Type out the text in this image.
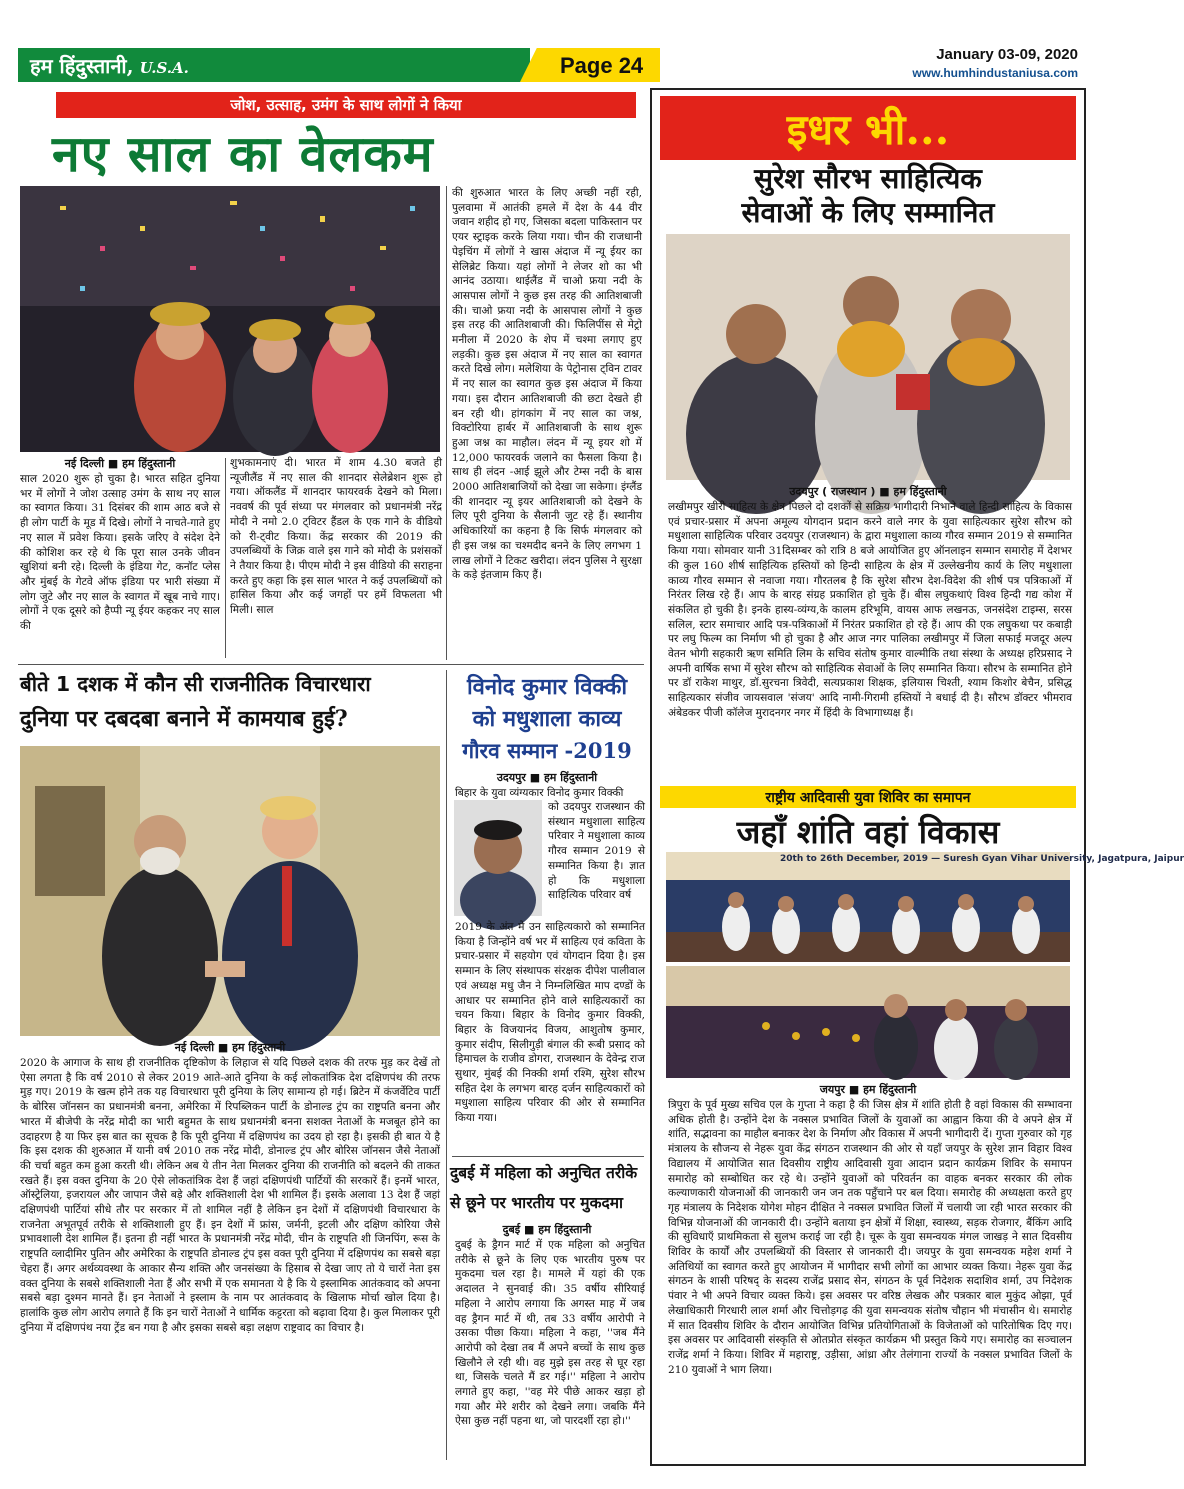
हम हिंदुस्तानी, U.S.A.	Page 24	January 03-09, 2020
www.humhindustaniusa.com
जोश, उत्साह, उमंग के साथ लोगों ने किया
नए साल का वेलकम
नई दिल्ली ■ हम हिंदुस्तानी
साल 2020 शुरू हो चुका है। भारत सहित दुनिया भर में लोगों ने जोश उत्साह उमंग के साथ नए साल का स्वागत किया। 31 दिसंबर की शाम आठ बजे से ही लोग पार्टी के मूड में दिखे। लोगों ने नाचते-गाते हुए नए साल में प्रवेश किया। इसके जरिए वे संदेश देने की कोशिश कर रहे थे कि पूरा साल उनके जीवन खुशियां बनी रहे। दिल्ली के इंडिया गेट, कनॉट प्लेस और मुंबई के गेटवे ऑफ इंडिया पर भारी संख्या में लोग जुटे और नए साल के स्वागत में खूब नाचे गाए। लोगों ने एक दूसरे को हैप्पी न्यू ईयर कहकर नए साल की
शुभकामनाएं दी। भारत में शाम 4.30 बजते ही न्यूजीलैंड में नए साल की शानदार सेलेब्रेशन शुरू हो गया। ऑकलैंड में शानदार फायरवर्क देखने को मिला। नववर्ष की पूर्व संध्या पर मंगलवार को प्रधानमंत्री नरेंद्र मोदी ने नमो 2.0 ट्विटर हैंडल के एक गाने के वीडियो को री-ट्वीट किया। केंद्र सरकार की 2019 की उपलब्धियों के जिक्र वाले इस गाने को मोदी के प्रशंसकों ने तैयार किया है। पीएम मोदी ने इस वीडियो की सराहना करते हुए कहा कि इस साल भारत ने कई उपलब्धियों को हासिल किया और कई जगहों पर हमें विफलता भी मिली। साल
की शुरुआत भारत के लिए अच्छी नहीं रही, पुलवामा में आतंकी हमले में देश के 44 वीर जवान शहीद हो गए, जिसका बदला पाकिस्तान पर एयर स्ट्राइक करके लिया गया। चीन की राजधानी पेइचिंग में लोगों ने खास अंदाज में न्यू ईयर का सेलिब्रेट किया। यहां लोगों ने लेजर शो का भी आनंद उठाया। थाईलैंड में चाओ फ्रया नदी के आसपास लोगों ने कुछ इस तरह की आतिशबाजी की। चाओ फ्रया नदी के आसपास लोगों ने कुछ इस तरह की आतिशबाजी की। फिलिपींस से मेट्रो मनीला में 2020 के शेप में चश्मा लगाए हुए लड़की। कुछ इस अंदाज में नए साल का स्वागत करते दिखे लोग। मलेशिया के पेट्रोनास ट्विन टावर में नए साल का स्वागत कुछ इस अंदाज में किया गया। इस दौरान आतिशबाजी की छटा देखते ही बन रही थी। हांगकांग में नए साल का जश्न, विक्टोरिया हार्बर में आतिशबाजी के साथ शुरू हुआ जश्न का माहौल। लंदन में न्यू इयर शो में 12,000 फायरवर्क जलाने का फैसला किया है। साथ ही लंदन -आई झूले और टेम्स नदी के बास 2000 आतिशबाजियों को देखा जा सकेगा। इंग्लैंड की शानदार न्यू इयर आतिशबाजी को देखने के लिए पूरी दुनिया के सैलानी जुट रहे हैं। स्थानीय अधिकारियों का कहना है कि सिर्फ मंगलवार को ही इस जश्न का चश्मदीद बनने के लिए लगभग 1 लाख लोगों ने टिकट खरीदा। लंदन पुलिस ने सुरक्षा के कड़े इंतजाम किए हैं।
बीते 1 दशक में कौन सी राजनीतिक विचारधारा
दुनिया पर दबदबा बनाने में कामयाब हुई?
नई दिल्ली ■ हम हिंदुस्तानी
2020 के आगाज के साथ ही राजनीतिक दृष्टिकोण के लिहाज से यदि पिछले दशक की तरफ मुड़ कर देखें तो ऐसा लगता है कि वर्ष 2010 से लेकर 2019 आते-आते दुनिया के कई लोकतांत्रिक देश दक्षिणपंथ की तरफ मुड़ गए। 2019 के खत्म होने तक यह विचारधारा पूरी दुनिया के लिए सामान्य हो गई। ब्रिटेन में कंजर्वेटिव पार्टी के बोरिस जॉनसन का प्रधानमंत्री बनना, अमेरिका में रिपब्लिकन पार्टी के डोनाल्ड ट्रंप का राष्ट्रपति बनना और भारत में बीजेपी के नरेंद्र मोदी का भारी बहुमत के साथ प्रधानमंत्री बनना सशक्त नेताओं के मजबूत होने का उदाहरण है या फिर इस बात का सूचक है कि पूरी दुनिया में दक्षिणपंथ का उदय हो रहा है। इसकी ही बात ये है कि इस दशक की शुरुआत में यानी वर्ष 2010 तक नरेंद्र मोदी, डोनाल्ड ट्रंप और बोरिस जॉनसन जैसे नेताओं की चर्चा बहुत कम हुआ करती थी। लेकिन अब ये तीन नेता मिलकर दुनिया की राजनीति को बदलने की ताकत रखते हैं। इस वक्त दुनिया के 20 ऐसे लोकतांत्रिक देश हैं जहां दक्षिणपंथी पार्टियों की सरकारें हैं। इनमें भारत, ऑस्ट्रेलिया, इजरायल और जापान जैसे बड़े और शक्तिशाली देश भी शामिल हैं। इसके अलावा 13 देश हैं जहां दक्षिणपंथी पार्टियां सीधे तौर पर सरकार में तो शामिल नहीं है लेकिन इन देशों में दक्षिणपंथी विचारधारा के राजनेता अभूतपूर्व तरीके से शक्तिशाली हुए हैं। इन देशों में फ्रांस, जर्मनी, इटली और दक्षिण कोरिया जैसे प्रभावशाली देश शामिल हैं। इतना ही नहीं भारत के प्रधानमंत्री नरेंद्र मोदी, चीन के राष्ट्रपति शी जिनपिंग, रूस के राष्ट्रपति व्लादीमिर पुतिन और अमेरिका के राष्ट्रपति डोनाल्ड ट्रंप इस वक्त पूरी दुनिया में दक्षिणपंथ का सबसे बड़ा चेहरा हैं। अगर अर्थव्यवस्था के आकार सैन्य शक्ति और जनसंख्या के हिसाब से देखा जाए तो ये चारों नेता इस वक्त दुनिया के सबसे शक्तिशाली नेता हैं और सभी में एक समानता ये है कि ये इस्लामिक आतंकवाद को अपना सबसे बड़ा दुश्मन मानते हैं। इन नेताओं ने इस्लाम के नाम पर आतंकवाद के खिलाफ मोर्चा खोल दिया है। हालांकि कुछ लोग आरोप लगाते हैं कि इन चारों नेताओं ने धार्मिक कट्टरता को बढ़ावा दिया है। कुल मिलाकर पूरी दुनिया में दक्षिणपंथ नया ट्रेंड बन गया है और इसका सबसे बड़ा लक्षण राष्ट्रवाद का विचार है।
विनोद कुमार विक्की
को मधुशाला काव्य
गौरव सम्मान -2019
उदयपुर ■ हम हिंदुस्तानी
बिहार के युवा व्यंग्यकार विनोद कुमार विक्की
को उदयपुर राजस्थान की संस्थान मधुशाला साहित्य परिवार ने मधुशाला काव्य गौरव सम्मान 2019 से सम्मानित किया है। ज्ञात हो कि मधुशाला साहित्यिक परिवार वर्ष
2019 के अंत मे उन साहित्यकारो को सम्मानित किया है जिन्होंने वर्ष भर में साहित्य एवं कविता के प्रचार-प्रसार में सहयोग एवं योगदान दिया है। इस सम्मान के लिए संस्थापक संरक्षक दीपेश पालीवाल एवं अध्यक्ष मधु जैन ने निम्नलिखित माप दण्डों के आधार पर सम्मानित होने वाले साहित्यकारों का चयन किया। बिहार के विनोद कुमार विक्की, बिहार के विजयानंद विजय, आशुतोष कुमार, कुमार संदीप, सिलीगुड़ी बंगाल की रूबी प्रसाद को हिमाचल के राजीव डोगरा, राजस्थान के देवेन्द्र राज सुथार, मुंबई की निक्की शर्मा रश्मि, सुरेश सौरभ सहित देश के लगभग बारह दर्जन साहित्यकारों को मधुशाला साहित्य परिवार की ओर से सम्मानित किया गया।
दुबई में महिला को अनुचित तरीके
से छूने पर भारतीय पर मुकदमा
दुबई ■ हम हिंदुस्तानी
दुबई के ड्रैगन मार्ट में एक महिला को अनुचित तरीके से छूने के लिए एक भारतीय पुरुष पर मुकदमा चल रहा है। मामले में यहां की एक अदालत ने सुनवाई की। 35 वर्षीय सीरियाई महिला ने आरोप लगाया कि अगस्त माह में जब वह ड्रैगन मार्ट में थी, तब 33 वर्षीय आरोपी ने उसका पीछा किया। महिला ने कहा, ''जब मैंने आरोपी को देखा तब मैं अपने बच्चों के साथ कुछ खिलौने ले रही थी। वह मुझे इस तरह से घूर रहा था, जिसके चलते मैं डर गई।'' महिला ने आरोप लगाते हुए कहा, ''वह मेरे पीछे आकर खड़ा हो गया और मेरे शरीर को देखने लगा। जबकि मैंने ऐसा कुछ नहीं पहना था, जो पारदर्शी रहा हो।''
इधर भी...
सुरेश सौरभ साहित्यिक
सेवाओं के लिए सम्मानित
उदयपुर ( राजस्थान ) ■ हम हिंदुस्तानी
लखीमपुर खीरी साहित्य के क्षेत्र पिछले दो दशकों से सक्रिय भागीदारी निभाने वाले हिन्दी साहित्य के विकास एवं प्रचार-प्रसार में अपना अमूल्य योगदान प्रदान करने वाले नगर के युवा साहित्यकार सुरेश सौरभ को मधुशाला साहित्यिक परिवार उदयपुर (राजस्थान) के द्वारा मधुशाला काव्य गौरव सम्मान 2019 से सम्मानित किया गया। सोमवार यानी 31दिसम्बर को रात्रि 8 बजे आयोजित हुए ऑनलाइन सम्मान समारोह में देशभर की कुल 160 शीर्ष साहित्यिक हस्तियों को हिन्दी साहित्य के क्षेत्र में उल्लेखनीय कार्य के लिए मधुशाला काव्य गौरव सम्मान से नवाजा गया। गौरतलब है कि सुरेश सौरभ देश-विदेश की शीर्ष पत्र पत्रिकाओं में निरंतर लिख रहे हैं। आप के बारह संग्रह प्रकाशित हो चुके हैं। बीस लघुकथाएं विश्व हिन्दी गद्य कोश में संकलित हो चुकी है। इनके हास्य-व्यंग्य,के कालम हरिभूमि, वायस आफ लखनऊ, जनसंदेश टाइम्स, सरस सलिल, स्टार समाचार आदि पत्र-पत्रिकाओं में निरंतर प्रकाशित हो रहे हैं। आप की एक लघुकथा पर कबाड़ी पर लघु फिल्म का निर्माण भी हो चुका है और आज नगर पालिका लखीमपुर में जिला सफाई मजदूर अल्प वेतन भोगी सहकारी ऋण समिति लिम के सचिव संतोष कुमार वाल्मीकि तथा संस्था के अध्यक्ष हरिप्रसाद ने अपनी वार्षिक सभा में सुरेश सौरभ को साहित्यिक सेवाओं के लिए सम्मानित किया। सौरभ के सम्मानित होने पर डॉ राकेश माथुर, डॉ.सुरचना त्रिवेदी, सत्यप्रकाश शिक्षक, इलियास चिश्ती, श्याम किशोर बेचैन, प्रसिद्ध साहित्यकार संजीव जायसवाल 'संजय' आदि नामी-गिरामी हस्तियों ने बधाई दी है। सौरभ डॉक्टर भीमराव अंबेडकर पीजी कॉलेज मुरादनगर नगर में हिंदी के विभागाध्यक्ष हैं।
राष्ट्रीय आदिवासी युवा शिविर का समापन
जहाँ शांति वहां विकास
20th to 26th December, 2019 — Suresh Gyan Vihar University, Jagatpura, Jaipur
जयपुर ■ हम हिंदुस्तानी
त्रिपुरा के पूर्व मुख्य सचिव एल के गुप्ता ने कहा है की जिस क्षेत्र में शांति होती है वहां विकास की सम्भावना अधिक होती है। उन्होंने देश के नक्सल प्रभावित जिलों के युवाओं का आह्वान किया की वे अपने क्षेत्र में शांति, सद्भावना का माहौल बनाकर देश के निर्माण और विकास में अपनी भागीदारी दें। गुप्ता गुरुवार को गृह मंत्रालय के सौजन्य से नेहरू युवा केंद्र संगठन राजस्थान की ओर से यहाँ जयपुर के सुरेश ज्ञान विहार विश्व विद्यालय में आयोजित सात दिवसीय राष्ट्रीय आदिवासी युवा आदान प्रदान कार्यक्रम शिविर के समापन समारोह को सम्बोधित कर रहे थे। उन्होंने युवाओं को परिवर्तन का वाहक बनकर सरकार की लोक कल्याणकारी योजनाओं की जानकारी जन जन तक पहुँचाने पर बल दिया। समारोह की अध्यक्षता करते हुए गृह मंत्रालय के निदेशक योगेश मोहन दीक्षित ने नक्सल प्रभावित जिलों में चलायी जा रही भारत सरकार की विभिन्न योजनाओं की जानकारी दी। उन्होंने बताया इन क्षेत्रों में शिक्षा, स्वास्थ्य, सड़क रोजगार, बैंकिंग आदि की सुविधाएँ प्राथमिकता से सुलभ कराई जा रही है। चूरू के युवा समन्वयक मंगल जाखड़ ने सात दिवसीय शिविर के कार्यों और उपलब्धियों की विस्तार से जानकारी दी। जयपुर के युवा समन्वयक महेश शर्मा ने अतिथियों का स्वागत करते हुए आयोजन में भागीदार सभी लोगों का आभार व्यक्त किया। नेहरू युवा केंद्र संगठन के शासी परिषद् के सदस्य राजेंद्र प्रसाद सेन, संगठन के पूर्व निदेशक सदाशिव शर्मा, उप निदेशक पंवार ने भी अपने विचार व्यक्त किये। इस अवसर पर वरिष्ठ लेखक और पत्रकार बाल मुकुंद ओझा, पूर्व लेखाधिकारी गिरधारी लाल शर्मा और चित्तोड़गढ़ की युवा समन्वयक संतोष चौहान भी मंचासीन थे। समारोह में सात दिवसीय शिविर के दौरान आयोजित विभिन्न प्रतियोगिताओं के विजेताओं को पारितोषिक दिए गए। इस अवसर पर आदिवासी संस्कृति से ओतप्रोत संस्कृत कार्यक्रम भी प्रस्तुत किये गए। समारोह का सञ्चालन राजेंद्र शर्मा ने किया। शिविर में महाराष्ट्र, उड़ीसा, आंध्रा और तेलंगाना राज्यों के नक्सल प्रभावित जिलों के 210 युवाओं ने भाग लिया।
